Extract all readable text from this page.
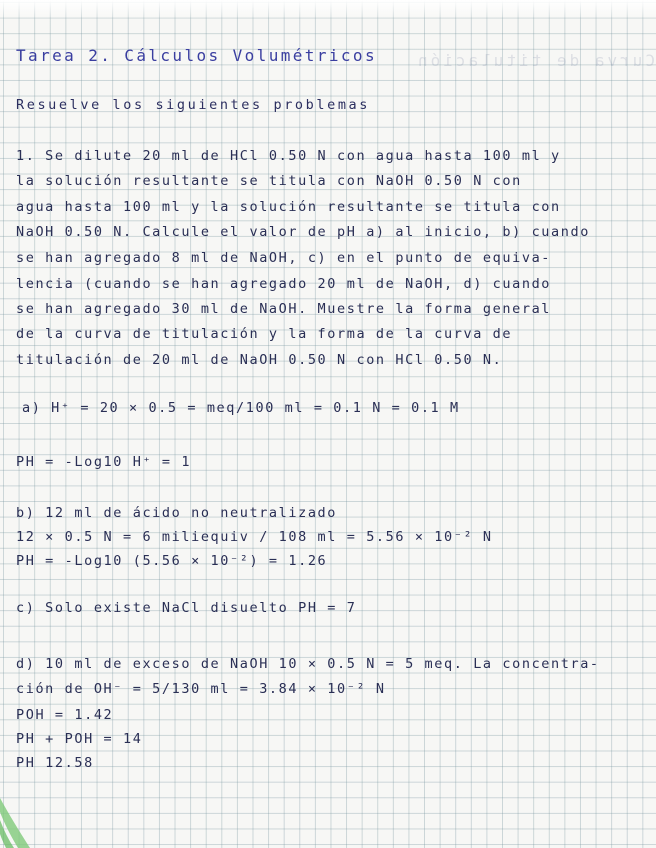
Curva de titulación
Tarea 2. Cálculos Volumétricos
Resuelve los siguientes problemas
1. Se dilute 20 ml de HCl 0.50 N con agua hasta 100 ml y
la solución resultante se titula con NaOH 0.50 N con
agua hasta 100 ml y la solución resultante se titula con
NaOH 0.50 N. Calcule el valor de pH a) al inicio, b) cuando
se han agregado 8 ml de NaOH, c) en el punto de equiva-
lencia (cuando se han agregado 20 ml de NaOH, d) cuando
se han agregado 30 ml de NaOH. Muestre la forma general
de la curva de titulación y la forma de la curva de
titulación de 20 ml de NaOH 0.50 N con HCl 0.50 N.
a) H⁺ = 20 × 0.5 = meq/100 ml = 0.1 N = 0.1 M
PH = -Log10 H⁺ = 1
b) 12 ml de ácido no neutralizado
12 × 0.5 N = 6 miliequiv / 108 ml = 5.56 × 10⁻² N
PH = -Log10 (5.56 × 10⁻²) = 1.26
c) Solo existe NaCl disuelto PH = 7
d) 10 ml de exceso de NaOH 10 × 0.5 N = 5 meq. La concentra-
ción de OH⁻ = 5/130 ml = 3.84 × 10⁻² N
POH = 1.42
PH + POH = 14
PH 12.58
